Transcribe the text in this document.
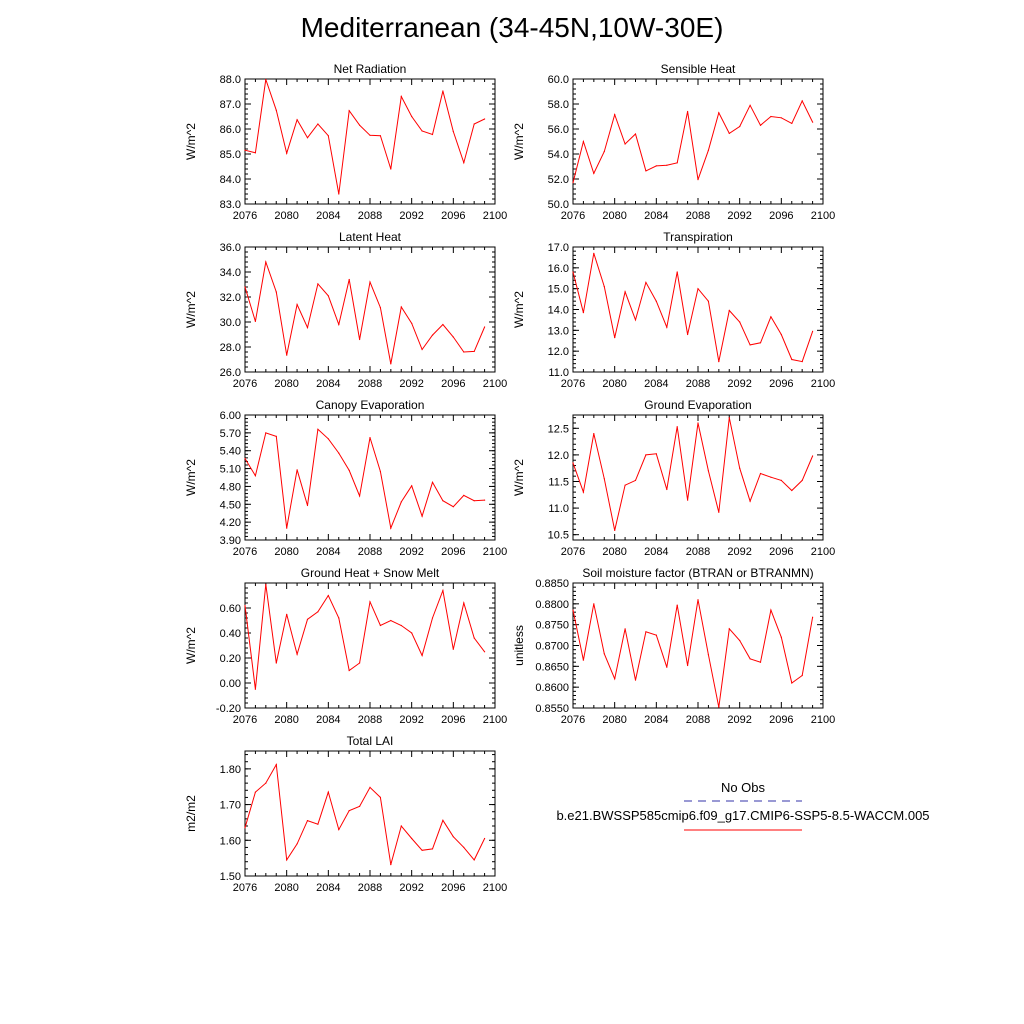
Mediterranean (34-45N,10W-30E)
2076 2080 2084 2088 2092 2096 2100
83.0
84.0
85.0
86.0
87.0
88.0
Net Radiation
W/m^2
2076 2080 2084 2088 2092 2096 2100
50.0
52.0
54.0
56.0
58.0
60.0
Sensible Heat
W/m^2
2076 2080 2084 2088 2092 2096 2100
26.0
28.0
30.0
32.0
34.0
36.0
Latent Heat
W/m^2
2076 2080 2084 2088 2092 2096 2100
11.0
12.0
13.0
14.0
15.0
16.0
17.0
Transpiration
W/m^2
2076 2080 2084 2088 2092 2096 2100
3.90
4.20
4.50
4.80
5.10
5.40
5.70
6.00
Canopy Evaporation
W/m^2
2076 2080 2084 2088 2092 2096 2100
10.5
11.0
11.5
12.0
12.5
Ground Evaporation
W/m^2
2076 2080 2084 2088 2092 2096 2100
-0.20
0.00
0.20
0.40
0.60
Ground Heat + Snow Melt
W/m^2
2076 2080 2084 2088 2092 2096 2100
0.8550
0.8600
0.8650
0.8700
0.8750
0.8800
0.8850
Soil moisture factor (BTRAN or BTRANMN)
unitless
2076 2080 2084 2088 2092 2096 2100
1.50
1.60
1.70
1.80
Total LAI
m2/m2
No Obs
b.e21.BWSSP585cmip6.f09_g17.CMIP6-SSP5-8.5-WACCM.005
